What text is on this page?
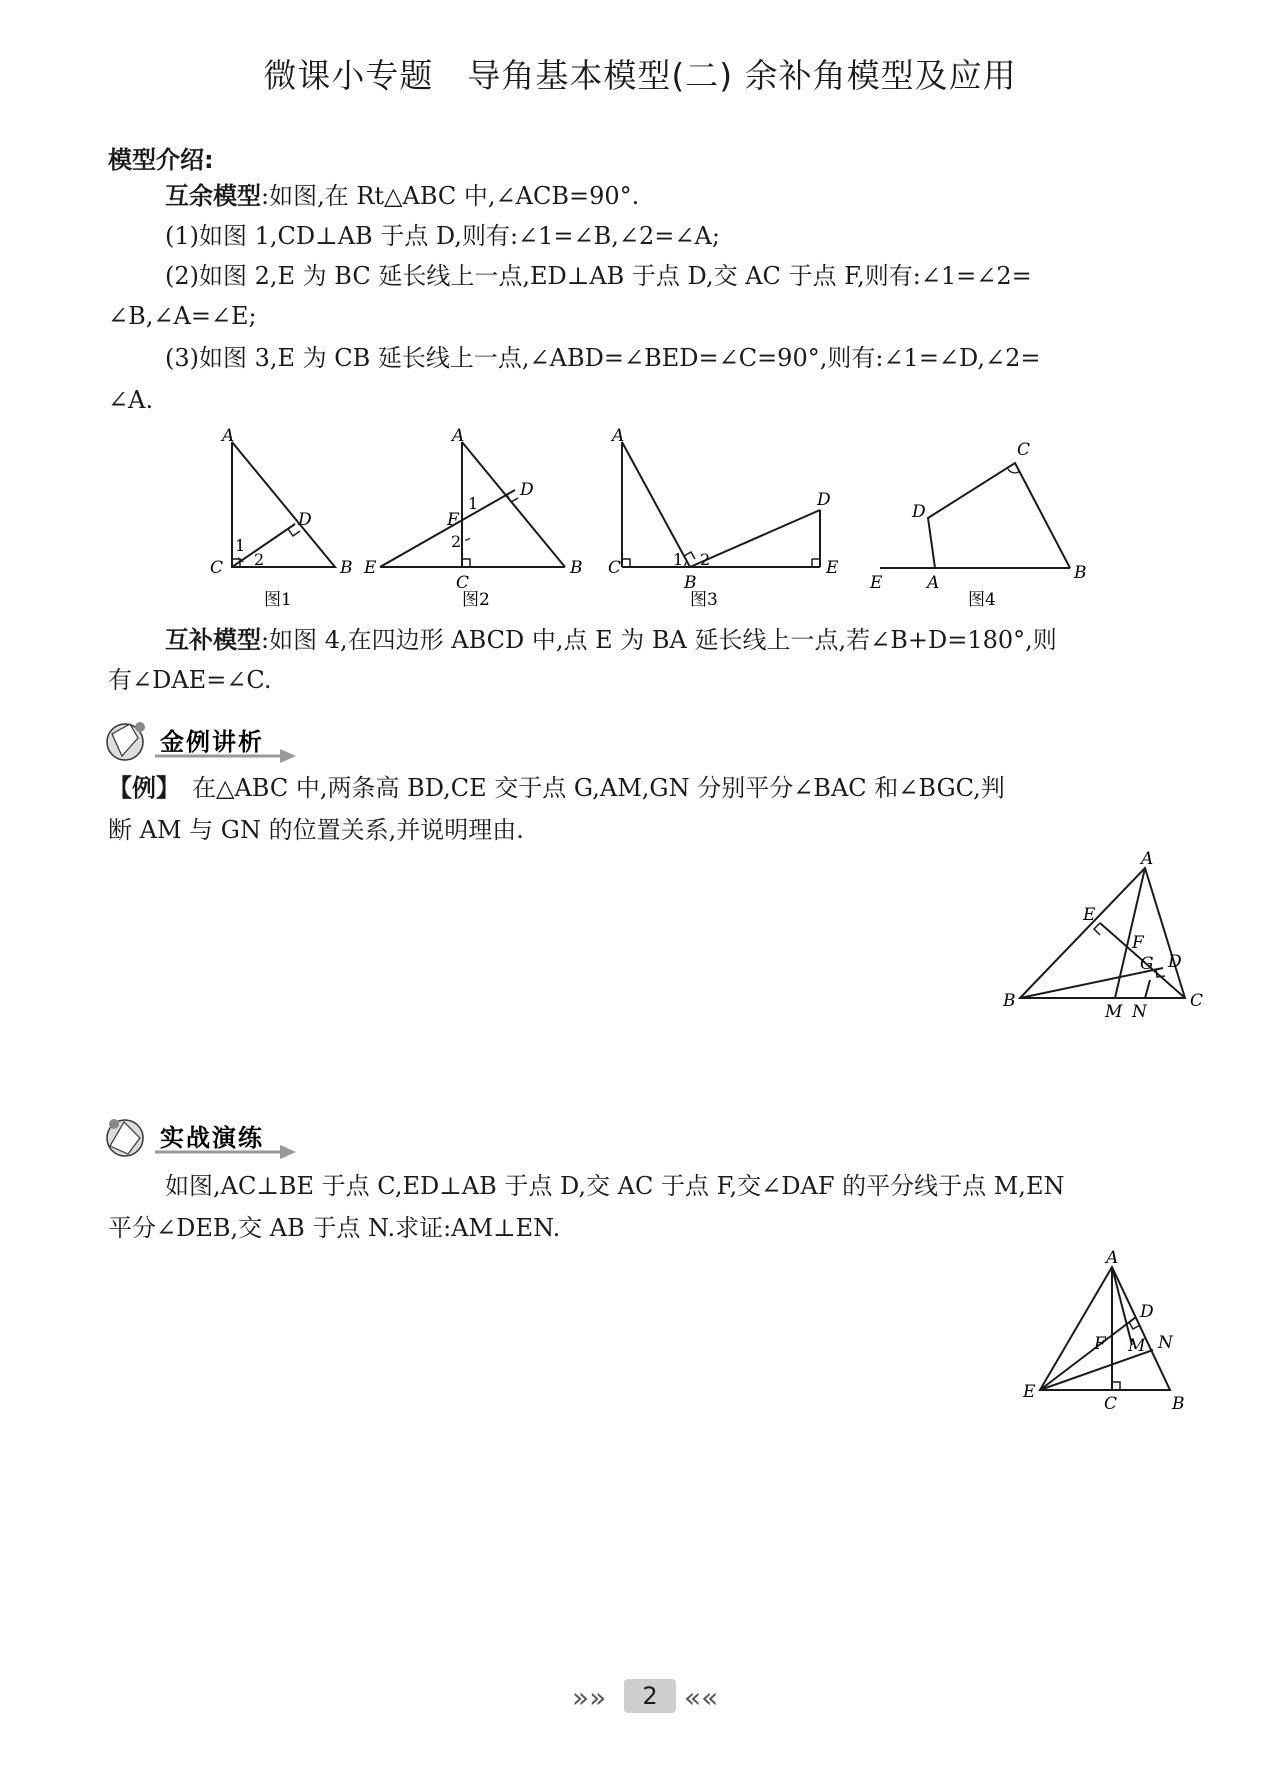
微课小专题　导角基本模型(二) 余补角模型及应用
模型介绍:
互余模型:如图,在 Rt△ABC 中,∠ACB=90°.
(1)如图 1,CD⊥AB 于点 D,则有:∠1=∠B,∠2=∠A;
(2)如图 2,E 为 BC 延长线上一点,ED⊥AB 于点 D,交 AC 于点 F,则有:∠1=∠2=
∠B,∠A=∠E;
(3)如图 3,E 为 CB 延长线上一点,∠ABD=∠BED=∠C=90°,则有:∠1=∠D,∠2=
∠A.
A
C	B
D
1
2
图1
A
D
F
E
C
B
1
2
图2
A
D
C
B
E
1 2
图3
C
D
E	A	B
图4
互补模型:如图 4,在四边形 ABCD 中,点 E 为 BA 延长线上一点,若∠B+D=180°,则
有∠DAE=∠C.
金例讲析
【例】 在△ABC 中,两条高 BD,CE 交于点 G,AM,GN 分别平分∠BAC 和∠BGC,判
断 AM 与 GN 的位置关系,并说明理由.
A
E
F
G D
B
M N
C
实战演练
如图,AC⊥BE 于点 C,ED⊥AB 于点 D,交 AC 于点 F,交∠DAF 的平分线于点 M,EN
平分∠DEB,交 AB 于点 N.求证:AM⊥EN.
A
D
F M N
E
C	B
»»	2 ««
